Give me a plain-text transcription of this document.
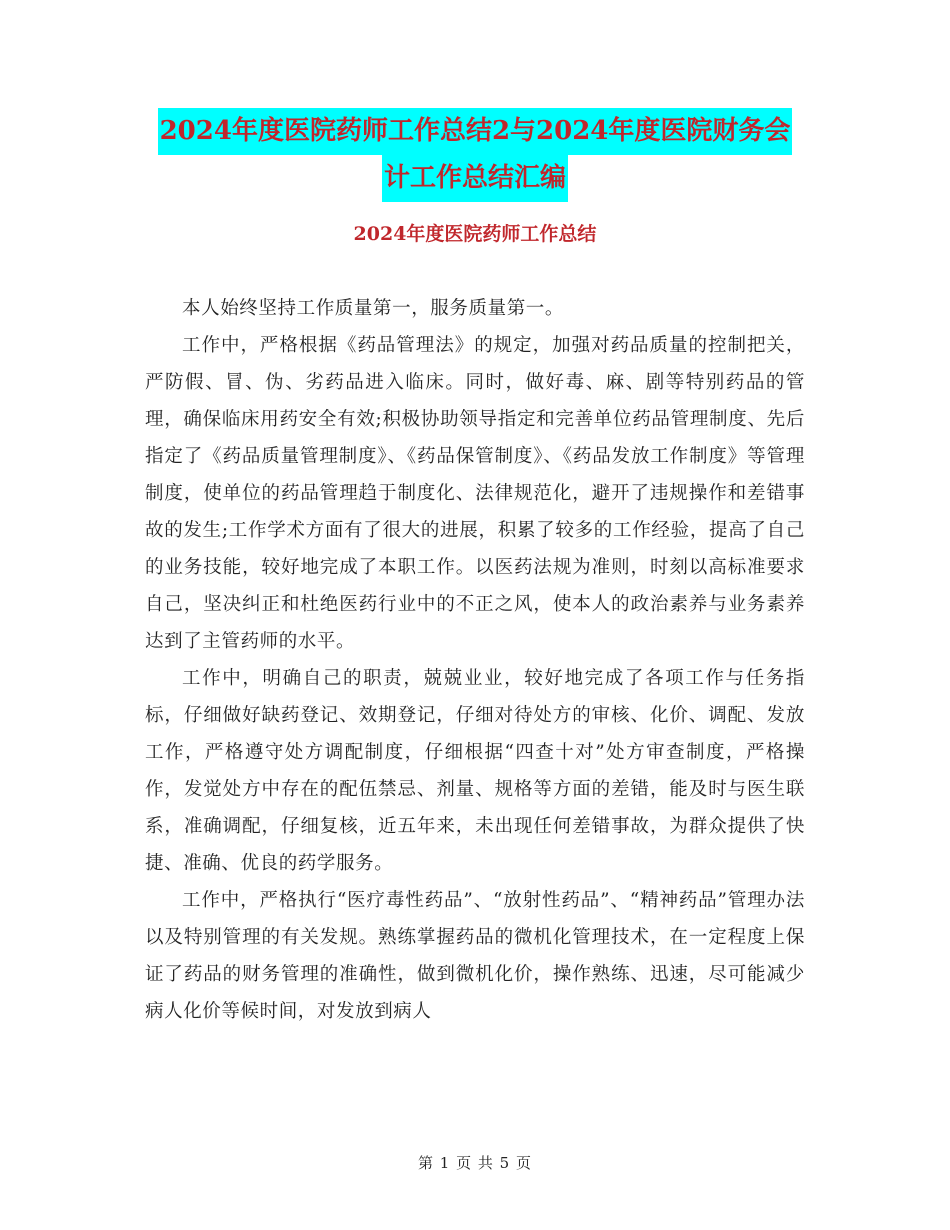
2024年度医院药师工作总结2与2024年度医院财务会
计工作总结汇编
2024年度医院药师工作总结

本人始终坚持工作质量第一，服务质量第一。

工作中，严格根据《药品管理法》的规定，加强对药品质量的控制把关，严防假、冒、伪、劣药品进入临床。同时，做好毒、麻、剧等特别药品的管理，确保临床用药安全有效;积极协助领导指定和完善单位药品管理制度、先后指定了《药品质量管理制度》、《药品保管制度》、《药品发放工作制度》等管理制度，使单位的药品管理趋于制度化、法律规范化，避开了违规操作和差错事故的发生;工作学术方面有了很大的进展，积累了较多的工作经验，提高了自己的业务技能，较好地完成了本职工作。以医药法规为准则，时刻以高标准要求自己，坚决纠正和杜绝医药行业中的不正之风，使本人的政治素养与业务素养达到了主管药师的水平。

工作中，明确自己的职责，兢兢业业，较好地完成了各项工作与任务指标，仔细做好缺药登记、效期登记，仔细对待处方的审核、化价、调配、发放工作，严格遵守处方调配制度，仔细根据“四查十对”处方审查制度，严格操作，发觉处方中存在的配伍禁忌、剂量、规格等方面的差错，能及时与医生联系，准确调配，仔细复核，近五年来，未出现任何差错事故，为群众提供了快捷、准确、优良的药学服务。

工作中，严格执行“医疗毒性药品”、“放射性药品”、“精神药品”管理办法以及特别管理的有关发规。熟练掌握药品的微机化管理技术，在一定程度上保证了药品的财务管理的准确性，做到微机化价，操作熟练、迅速，尽可能减少病人化价等候时间，对发放到病人

第 1 页 共 5 页
